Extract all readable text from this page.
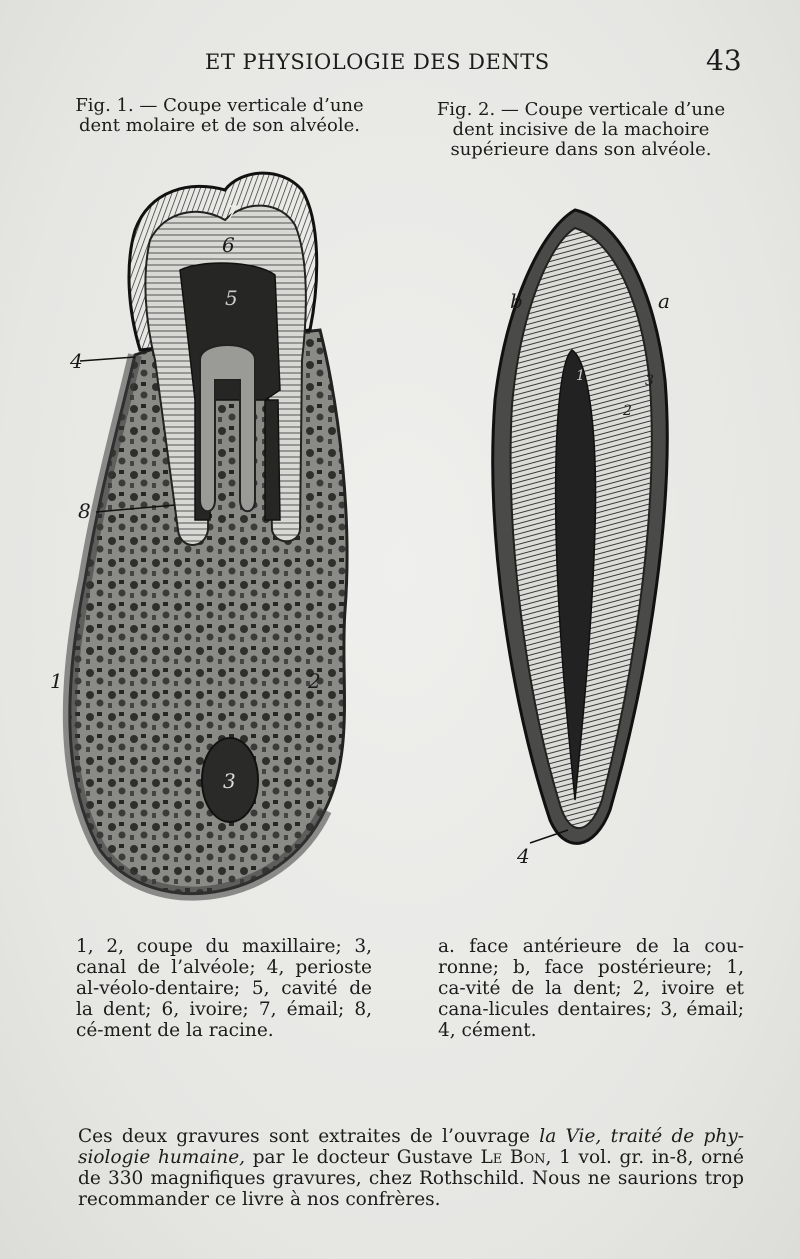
ET PHYSIOLOGIE DES DENTS	43
Fig. 1. — Coupe verticale d’une
dent molaire et de son alvéole.
Fig. 2. — Coupe verticale d’une
dent incisive de la machoire
supérieure dans son alvéole.
4
8
1	2
3
7
6
5	b	a
2
3
1
4
1, 2, coupe du maxillaire; 3, canal de l’alvéole; 4, perioste al-véolo-dentaire; 5, cavité de la dent; 6, ivoire; 7, émail; 8, cé-ment de la racine.
a. face antérieure de la cou-ronne; b, face postérieure; 1, ca-vité de la dent; 2, ivoire et cana-licules dentaires; 3, émail; 4, cément.
Ces deux gravures sont extraites de l’ouvrage la Vie, traité de phy-siologie humaine, par le docteur Gustave Le Bon, 1 vol. gr. in-8, orné de 330 magnifiques gravures, chez Rothschild. Nous ne saurions trop recommander ce livre à nos confrères.
